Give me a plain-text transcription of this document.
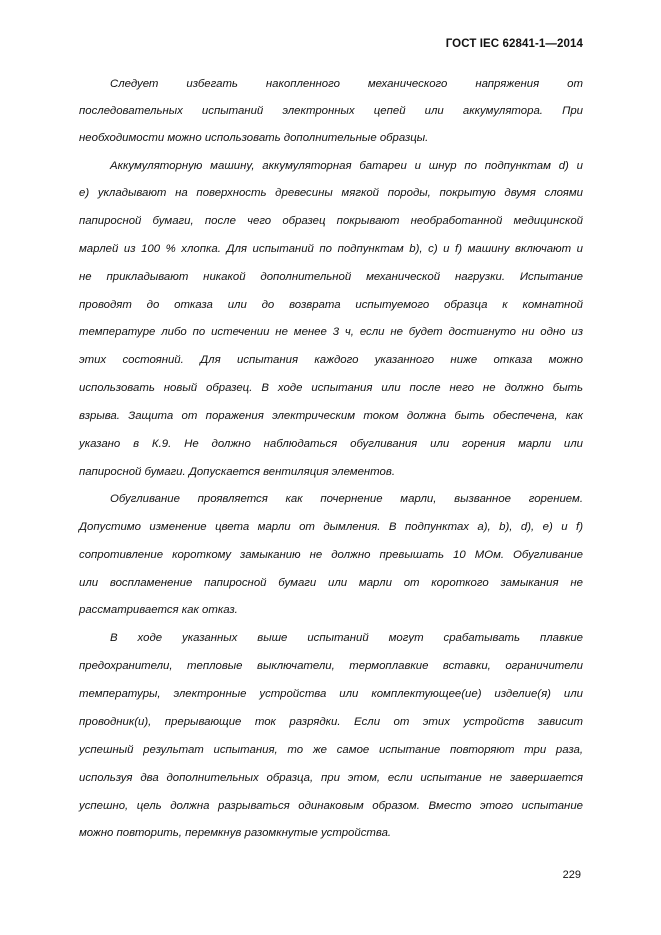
ГОСТ IEC 62841-1—2014
Следует избегать накопленного механического напряжения от
последовательных испытаний электронных цепей или аккумулятора. При
необходимости можно использовать дополнительные образцы.
Аккумуляторную машину, аккумуляторная батареи и шнур по подпунктам d) и
е) укладывают на поверхность древесины мягкой породы, покрытую двумя слоями
папиросной бумаги, после чего образец покрывают необработанной медицинской
марлей из 100 % хлопка. Для испытаний по подпунктам b), c) и f) машину включают и
не прикладывают никакой дополнительной механической нагрузки. Испытание
проводят до отказа или до возврата испытуемого образца к комнатной
температуре либо по истечении не менее 3 ч, если не будет достигнуто ни одно из
этих состояний. Для испытания каждого указанного ниже отказа можно
использовать новый образец. В ходе испытания или после него не должно быть
взрыва. Защита от поражения электрическим током должна быть обеспечена, как
указано в К.9. Не должно наблюдаться обугливания или горения марли или
папиросной бумаги. Допускается вентиляция элементов.
Обугливание проявляется как почернение марли, вызванное горением.
Допустимо изменение цвета марли от дымления. В подпунктах а), b), d), е) и f)
сопротивление короткому замыканию не должно превышать 10 МОм. Обугливание
или воспламенение папиросной бумаги или марли от короткого замыкания не
рассматривается как отказ.
В ходе указанных выше испытаний могут срабатывать плавкие
предохранители, тепловые выключатели, термоплавкие вставки, ограничители
температуры, электронные устройства или комплектующее(ие) изделие(я) или
проводник(и), прерывающие ток разрядки. Если от этих устройств зависит
успешный результат испытания, то же самое испытание повторяют три раза,
используя два дополнительных образца, при этом, если испытание не завершается
успешно, цель должна разрываться одинаковым образом. Вместо этого испытание
можно повторить, перемкнув разомкнутые устройства.
229
